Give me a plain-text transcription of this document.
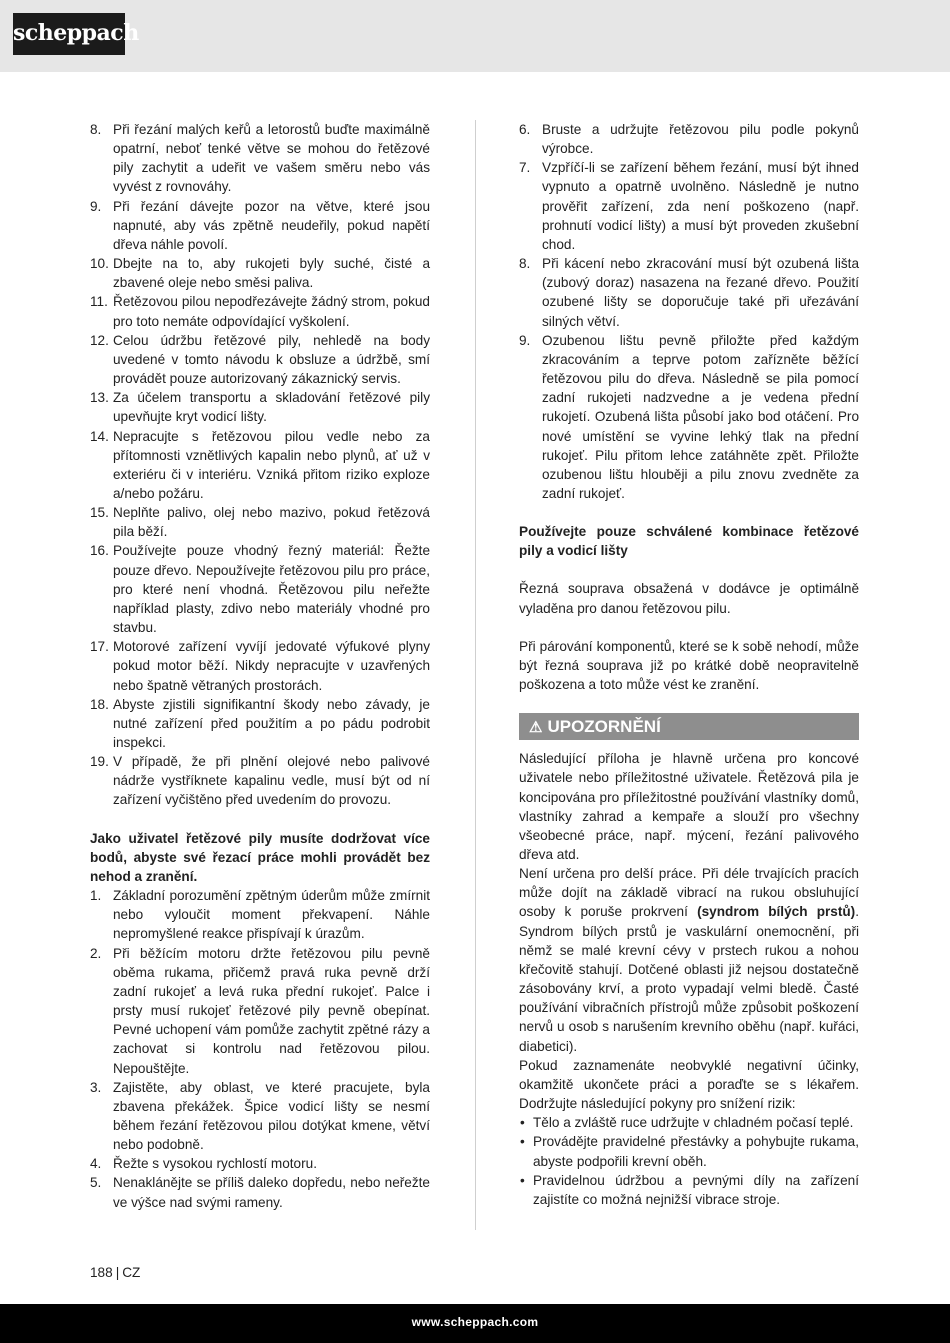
scheppach
8. Při řezání malých keřů a letorostů buďte maximálně opatrní, neboť tenké větve se mohou do řetězové pily zachytit a udeřit ve vašem směru nebo vás vyvést z rovnováhy.
9. Při řezání dávejte pozor na větve, které jsou napnuté, aby vás zpětně neudeřily, pokud napětí dřeva náhle povolí.
10. Dbejte na to, aby rukojeti byly suché, čisté a zbavené oleje nebo směsi paliva.
11. Řetězovou pilou nepodřezávejte žádný strom, pokud pro toto nemáte odpovídající vyškolení.
12. Celou údržbu řetězové pily, nehledě na body uvedené v tomto návodu k obsluze a údržbě, smí provádět pouze autorizovaný zákaznický servis.
13. Za účelem transportu a skladování řetězové pily upevňujte kryt vodicí lišty.
14. Nepracujte s řetězovou pilou vedle nebo za přítomnosti vznětlivých kapalin nebo plynů, ať už v exteriéru či v interiéru. Vzniká přitom riziko exploze a/nebo požáru.
15. Neplňte palivo, olej nebo mazivo, pokud řetězová pila běží.
16. Používejte pouze vhodný řezný materiál: Řežte pouze dřevo. Nepoužívejte řetězovou pilu pro práce, pro které není vhodná. Řetězovou pilu neřežte například plasty, zdivo nebo materiály vhodné pro stavbu.
17. Motorové zařízení vyvíjí jedovaté výfukové plyny pokud motor běží. Nikdy nepracujte v uzavřených nebo špatně větraných prostorách.
18. Abyste zjistili signifikantní škody nebo závady, je nutné zařízení před použitím a po pádu podrobit inspekci.
19. V případě, že při plnění olejové nebo palivové nádrže vystříknete kapalinu vedle, musí být od ní zařízení vyčištěno před uvedením do provozu.
Jako uživatel řetězové pily musíte dodržovat více bodů, abyste své řezací práce mohli provádět bez nehod a zranění.
1. Základní porozumění zpětným úderům může zmírnit nebo vyloučit moment překvapení. Náhle nepromyšlené reakce přispívají k úrazům.
2. Při běžícím motoru držte řetězovou pilu pevně oběma rukama, přičemž pravá ruka pevně drží zadní rukojeť a levá ruka přední rukojeť. Palce i prsty musí rukojeť řetězové pily pevně obepínat. Pevné uchopení vám pomůže zachytit zpětné rázy a zachovat si kontrolu nad řetězovou pilou. Nepouštějte.
3. Zajistěte, aby oblast, ve které pracujete, byla zbavena překážek. Špice vodicí lišty se nesmí během řezání řetězovou pilou dotýkat kmene, větví nebo podobně.
4. Řežte s vysokou rychlostí motoru.
5. Nenaklánějte se příliš daleko dopředu, nebo neřežte ve výšce nad svými rameny.
6. Bruste a udržujte řetězovou pilu podle pokynů výrobce.
7. Vzpříčí-li se zařízení během řezání, musí být ihned vypnuto a opatrně uvolněno. Následně je nutno prověřit zařízení, zda není poškozeno (např. prohnutí vodicí lišty) a musí být proveden zkušební chod.
8. Při kácení nebo zkracování musí být ozubená lišta (zubový doraz) nasazena na řezané dřevo. Použití ozubené lišty se doporučuje také při uřezávání silných větví.
9. Ozubenou lištu pevně přiložte před každým zkracováním a teprve potom zařízněte běžící řetězovou pilu do dřeva. Následně se pila pomocí zadní rukojeti nadzvedne a je vedena přední rukojetí. Ozubená lišta působí jako bod otáčení. Pro nové umístění se vyvine lehký tlak na přední rukojeť. Pilu přitom lehce zatáhněte zpět. Přiložte ozubenou lištu hlouběji a pilu znovu zvedněte za zadní rukojeť.
Používejte pouze schválené kombinace řetězové pily a vodicí lišty
Řezná souprava obsažená v dodávce je optimálně vyladěna pro danou řetězovou pilu.
Při párování komponentů, které se k sobě nehodí, může být řezná souprava již po krátké době neopravitelně poškozena a toto může vést ke zranění.
⚠ UPOZORNĚNÍ
Následující příloha je hlavně určena pro koncové uživatele nebo příležitostné uživatele. Řetězová pila je koncipována pro příležitostné používání vlastníky domů, vlastníky zahrad a kempaře a slouží pro všechny všeobecné práce, např. mýcení, řezání palivového dřeva atd.
Není určena pro delší práce. Při déle trvajících pracích může dojít na základě vibrací na rukou obsluhující osoby k poruše prokrvení (syndrom bílých prstů). Syndrom bílých prstů je vaskulární onemocnění, při němž se malé krevní cévy v prstech rukou a nohou křečovitě stahují. Dotčené oblasti již nejsou dostatečně zásobovány krví, a proto vypadají velmi bledě. Časté používání vibračních přístrojů může způsobit poškození nervů u osob s narušením krevního oběhu (např. kuřáci, diabetici).
Pokud zaznamenáte neobvyklé negativní účinky, okamžitě ukončete práci a poraďte se s lékařem. Dodržujte následující pokyny pro snížení rizik:
• Tělo a zvláště ruce udržujte v chladném počasí teplé.
• Provádějte pravidelné přestávky a pohybujte rukama, abyste podpořili krevní oběh.
• Pravidelnou údržbou a pevnými díly na zařízení zajistíte co možná nejnižší vibrace stroje.
188 | CZ
www.scheppach.com
